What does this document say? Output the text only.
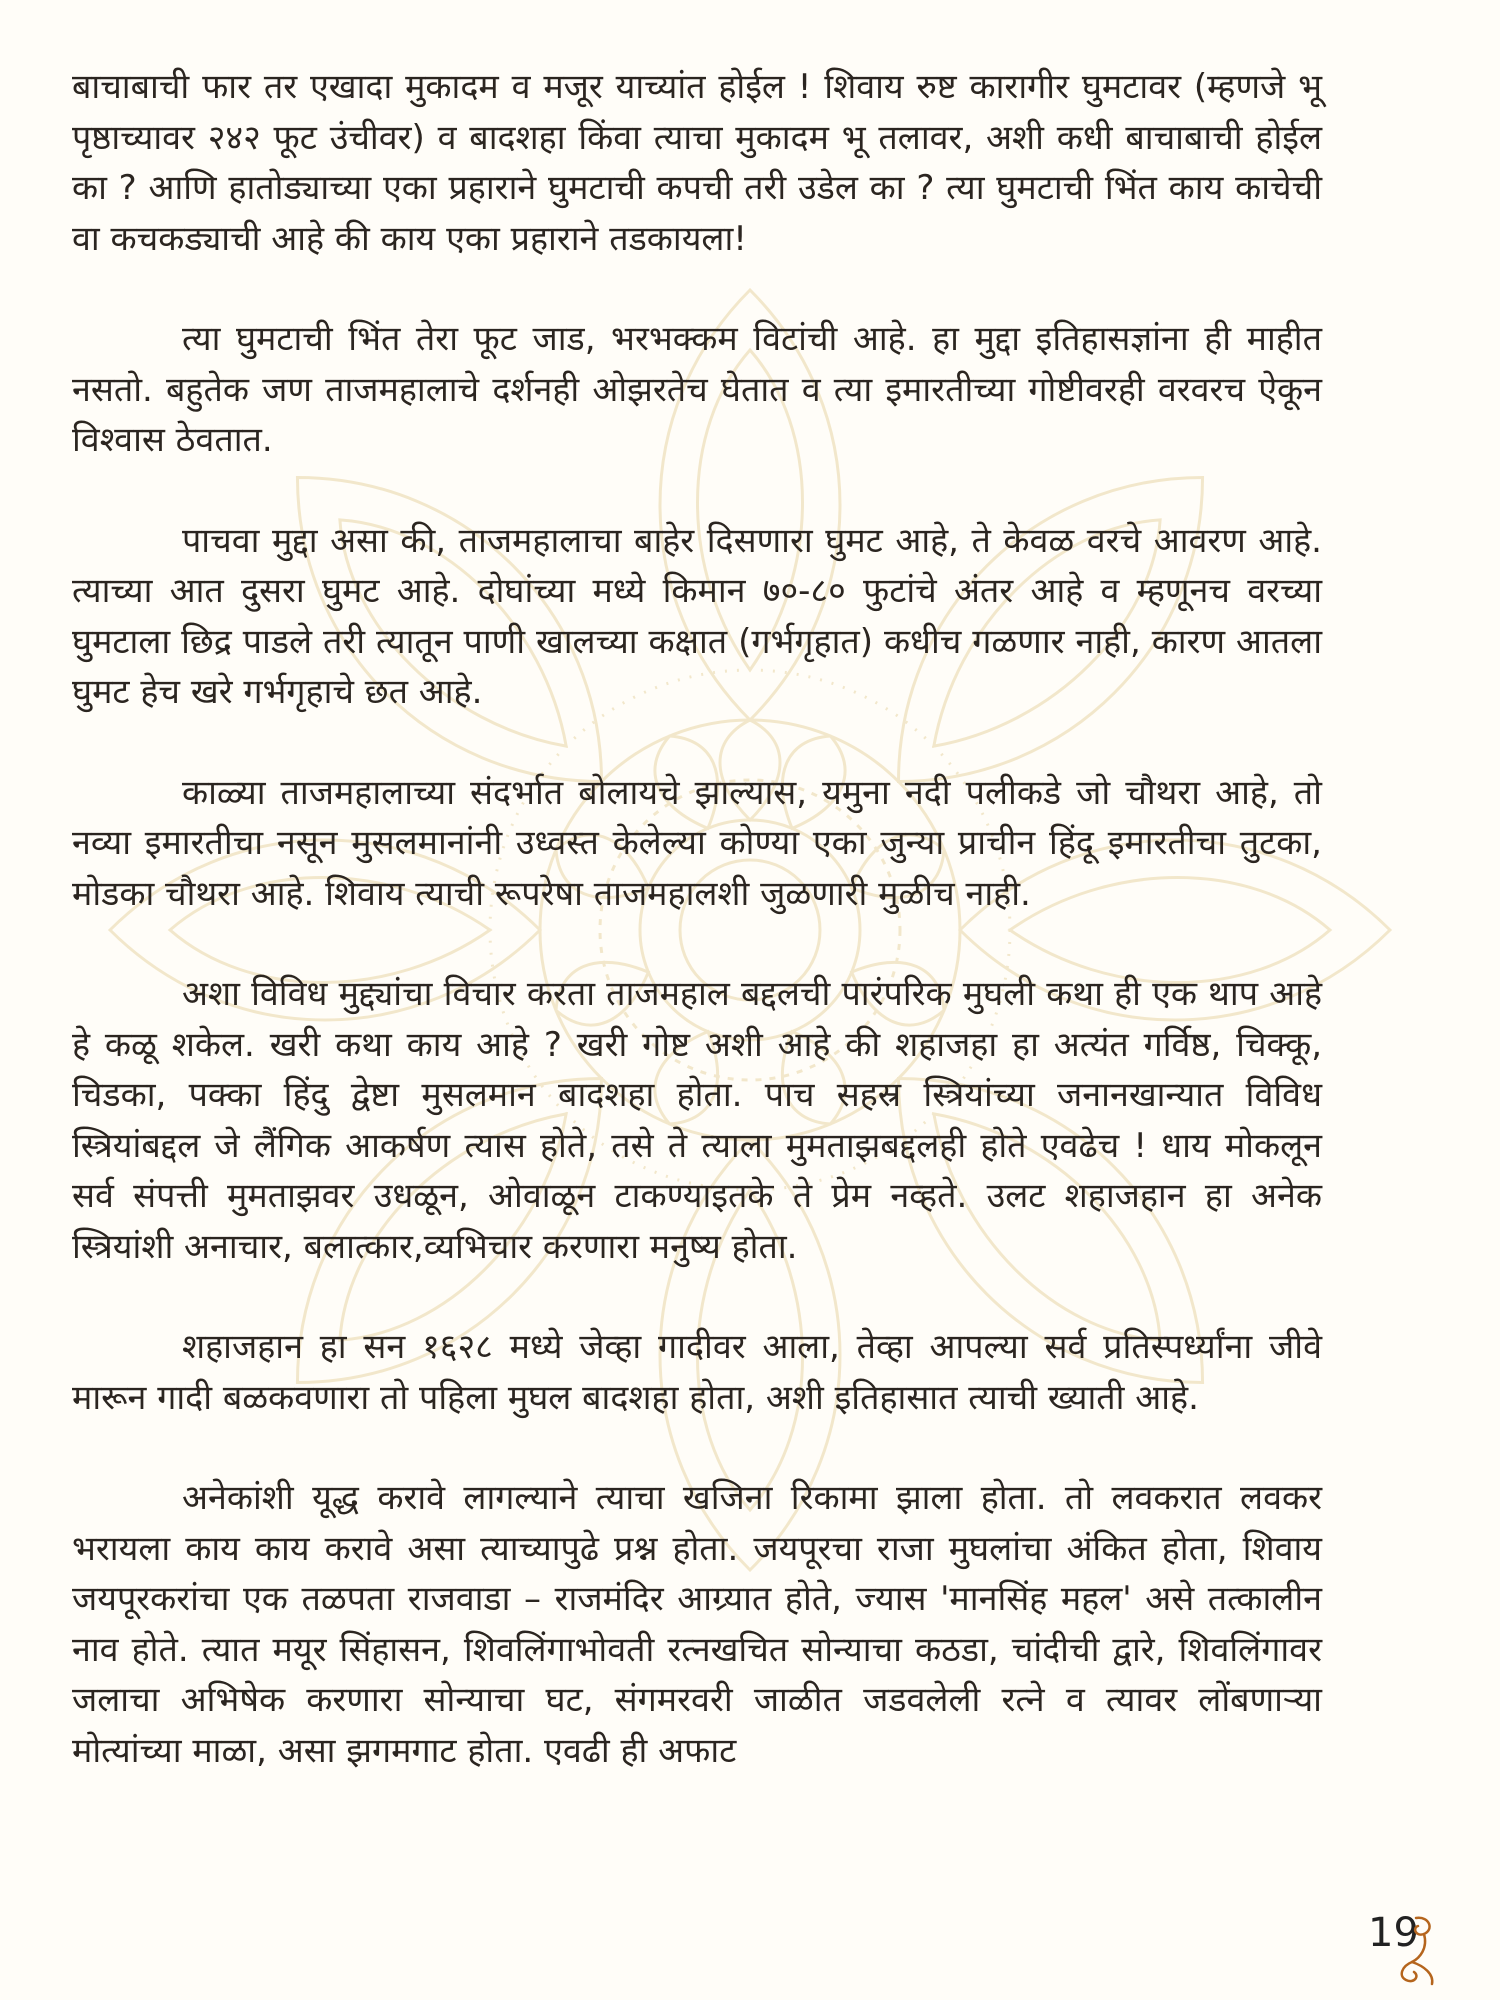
बाचाबाची फार तर एखादा मुकादम व मजूर याच्यांत होईल ! शिवाय रुष्ट कारागीर घुमटावर (म्हणजे भू पृष्ठाच्यावर २४२ फूट उंचीवर) व बादशहा किंवा त्याचा मुकादम भू तलावर, अशी कधी बाचाबाची होईल का ? आणि हातोड्याच्या एका प्रहाराने घुमटाची कपची तरी उडेल का ? त्या घुमटाची भिंत काय काचेची वा कचकड्याची आहे की काय एका प्रहाराने तडकायला!

त्या घुमटाची भिंत तेरा फूट जाड, भरभक्कम विटांची आहे. हा मुद्दा इतिहासज्ञांना ही माहीत नसतो. बहुतेक जण ताजमहालाचे दर्शनही ओझरतेच घेतात व त्या इमारतीच्या गोष्टीवरही वरवरच ऐकून विश्वास ठेवतात.

पाचवा मुद्दा असा की, ताजमहालाचा बाहेर दिसणारा घुमट आहे, ते केवळ वरचे आवरण आहे. त्याच्या आत दुसरा घुमट आहे. दोघांच्या मध्ये किमान ७०-८० फुटांचे अंतर आहे व म्हणूनच वरच्या घुमटाला छिद्र पाडले तरी त्यातून पाणी खालच्या कक्षात (गर्भगृहात) कधीच गळणार नाही, कारण आतला घुमट हेच खरे गर्भगृहाचे छत आहे.

काळ्या ताजमहालाच्या संदर्भात बोलायचे झाल्यास, यमुना नदी पलीकडे जो चौथरा आहे, तो नव्या इमारतीचा नसून मुसलमानांनी उध्वस्त केलेल्या कोण्या एका जुन्या प्राचीन हिंदू इमारतीचा तुटका, मोडका चौथरा आहे. शिवाय त्याची रूपरेषा ताजमहालशी जुळणारी मुळीच नाही.

अशा विविध मुद्द्यांचा विचार करता ताजमहाल बद्दलची पारंपरिक मुघली कथा ही एक थाप आहे हे कळू शकेल. खरी कथा काय आहे ? खरी गोष्ट अशी आहे की शहाजहा हा अत्यंत गर्विष्ठ, चिक्कू, चिडका, पक्का हिंदु द्वेष्टा मुसलमान बादशहा होता. पाच सहस्र स्त्रियांच्या जनानखान्यात विविध स्त्रियांबद्दल जे लैंगिक आकर्षण त्यास होते, तसे ते त्याला मुमताझबद्दलही होते एवढेच ! धाय मोकलून सर्व संपत्ती मुमताझवर उधळून, ओवाळून टाकण्याइतके ते प्रेम नव्हते. उलट शहाजहान हा अनेक स्त्रियांशी अनाचार, बलात्कार,व्यभिचार करणारा मनुष्य होता.

शहाजहान हा सन १६२८ मध्ये जेव्हा गादीवर आला, तेव्हा आपल्या सर्व प्रतिस्पर्ध्यांना जीवे मारून गादी बळकवणारा तो पहिला मुघल बादशहा होता, अशी इतिहासात त्याची ख्याती आहे.

अनेकांशी यूद्ध करावे लागल्याने त्याचा खजिना रिकामा झाला होता. तो लवकरात लवकर भरायला काय काय करावे असा त्याच्यापुढे प्रश्न होता. जयपूरचा राजा मुघलांचा अंकित होता, शिवाय जयपूरकरांचा एक तळपता राजवाडा – राजमंदिर आग्र्यात होते, ज्यास 'मानसिंह महल' असे तत्कालीन नाव होते. त्यात मयूर सिंहासन, शिवलिंगाभोवती रत्नखचित सोन्याचा कठडा, चांदीची द्वारे, शिवलिंगावर जलाचा अभिषेक करणारा सोन्याचा घट, संगमरवरी जाळीत जडवलेली रत्ने व त्यावर लोंबणाऱ्या मोत्यांच्या माळा, असा झगमगाट होता. एवढी ही अफाट

19
